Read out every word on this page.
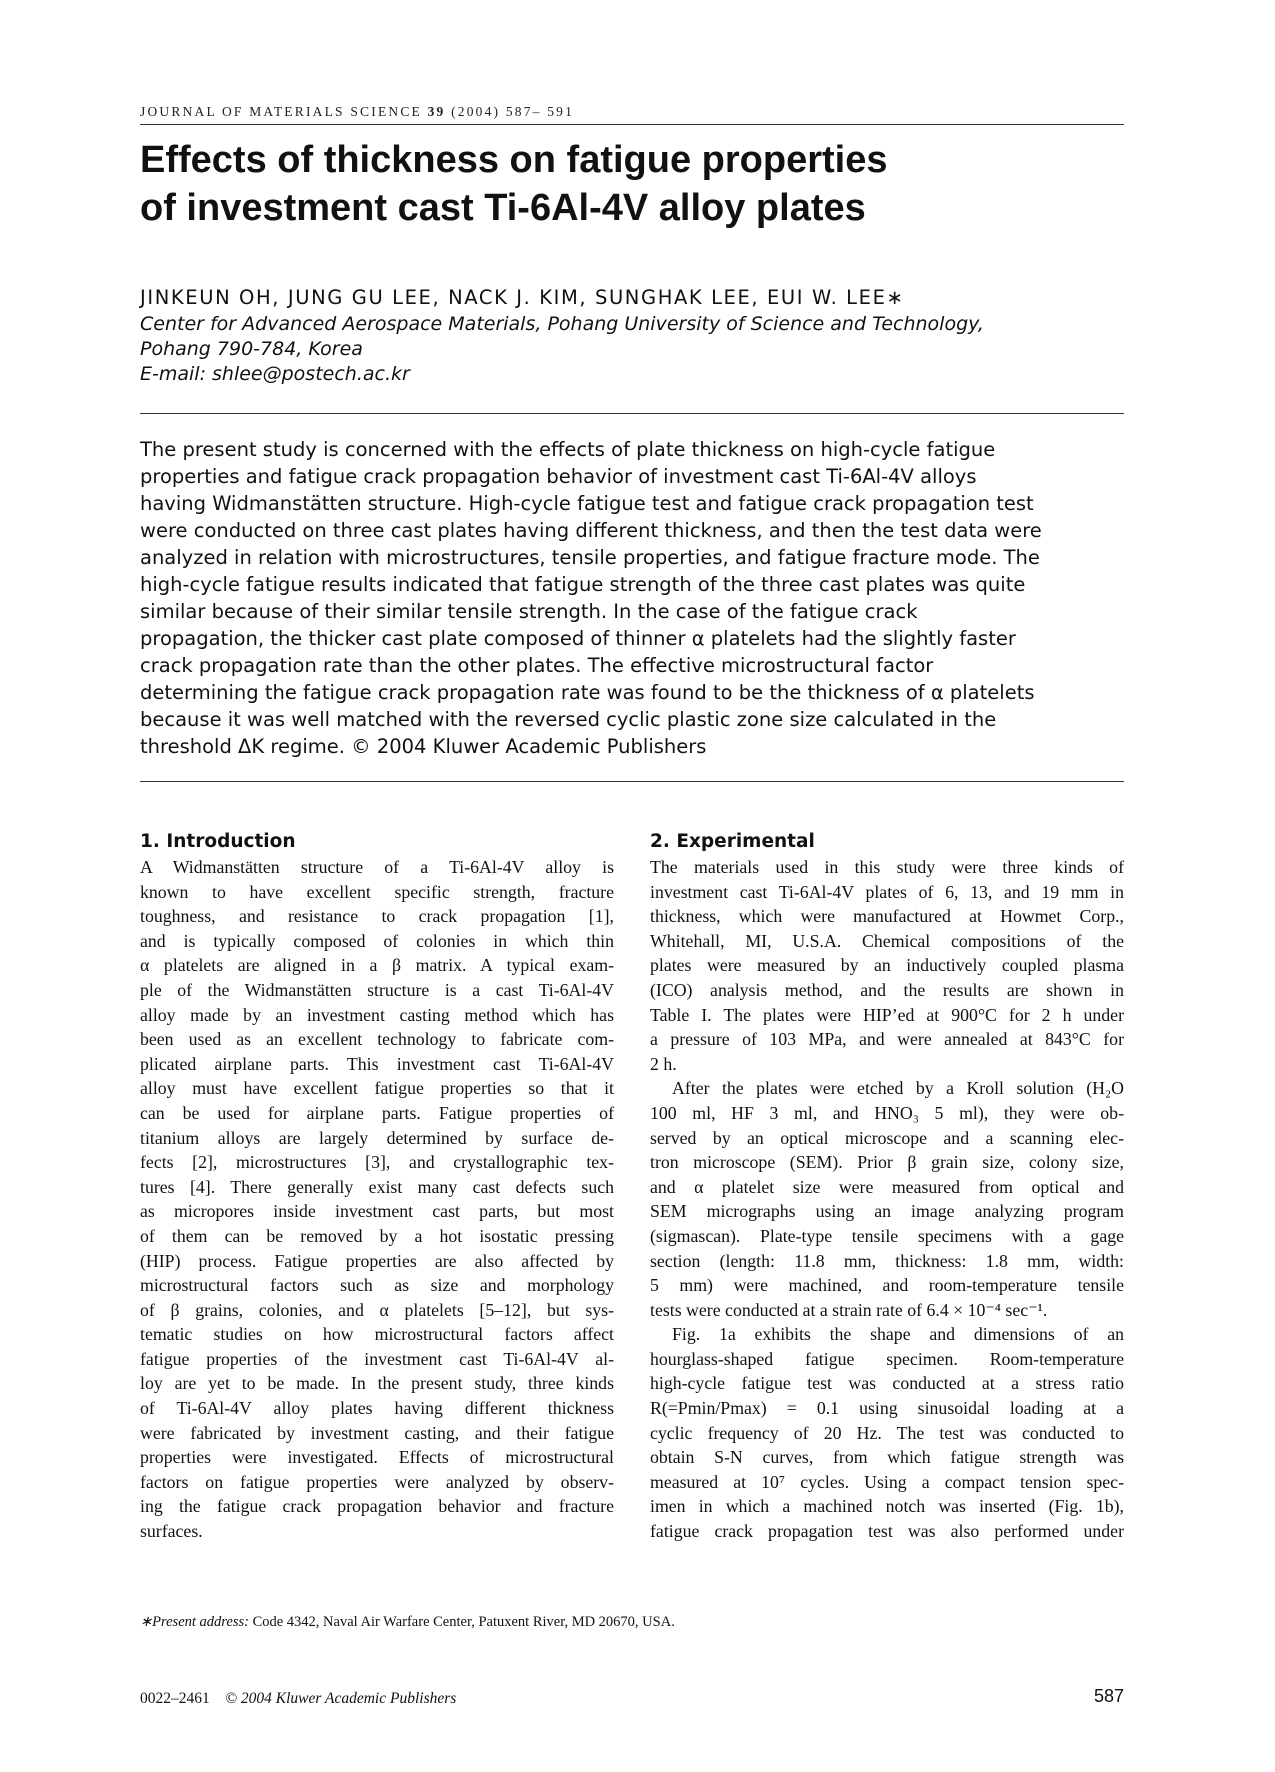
JOURNAL OF MATERIALS SCIENCE 39 (2004) 587– 591
Effects of thickness on fatigue properties
of investment cast Ti-6Al-4V alloy plates
JINKEUN OH, JUNG GU LEE, NACK J. KIM, SUNGHAK LEE, EUI W. LEE∗
Center for Advanced Aerospace Materials, Pohang University of Science and Technology,
Pohang 790-784, Korea
E-mail: shlee@postech.ac.kr
The present study is concerned with the effects of plate thickness on high-cycle fatigue
properties and fatigue crack propagation behavior of investment cast Ti-6Al-4V alloys
having Widmanstätten structure. High-cycle fatigue test and fatigue crack propagation test
were conducted on three cast plates having different thickness, and then the test data were
analyzed in relation with microstructures, tensile properties, and fatigue fracture mode. The
high-cycle fatigue results indicated that fatigue strength of the three cast plates was quite
similar because of their similar tensile strength. In the case of the fatigue crack
propagation, the thicker cast plate composed of thinner α platelets had the slightly faster
crack propagation rate than the other plates. The effective microstructural factor
determining the fatigue crack propagation rate was found to be the thickness of α platelets
because it was well matched with the reversed cyclic plastic zone size calculated in the
threshold ΔK regime. © 2004 Kluwer Academic Publishers
1. Introduction
A Widmanstätten structure of a Ti-6Al-4V alloy is
known to have excellent specific strength, fracture
toughness, and resistance to crack propagation [1],
and is typically composed of colonies in which thin
α platelets are aligned in a β matrix. A typical exam-
ple of the Widmanstätten structure is a cast Ti-6Al-4V
alloy made by an investment casting method which has
been used as an excellent technology to fabricate com-
plicated airplane parts. This investment cast Ti-6Al-4V
alloy must have excellent fatigue properties so that it
can be used for airplane parts. Fatigue properties of
titanium alloys are largely determined by surface de-
fects [2], microstructures [3], and crystallographic tex-
tures [4]. There generally exist many cast defects such
as micropores inside investment cast parts, but most
of them can be removed by a hot isostatic pressing
(HIP) process. Fatigue properties are also affected by
microstructural factors such as size and morphology
of β grains, colonies, and α platelets [5–12], but sys-
tematic studies on how microstructural factors affect
fatigue properties of the investment cast Ti-6Al-4V al-
loy are yet to be made. In the present study, three kinds
of Ti-6Al-4V alloy plates having different thickness
were fabricated by investment casting, and their fatigue
properties were investigated. Effects of microstructural
factors on fatigue properties were analyzed by observ-
ing the fatigue crack propagation behavior and fracture
surfaces.
2. Experimental
The materials used in this study were three kinds of
investment cast Ti-6Al-4V plates of 6, 13, and 19 mm in
thickness, which were manufactured at Howmet Corp.,
Whitehall, MI, U.S.A. Chemical compositions of the
plates were measured by an inductively coupled plasma
(ICO) analysis method, and the results are shown in
Table I. The plates were HIP’ed at 900°C for 2 h under
a pressure of 103 MPa, and were annealed at 843°C for
2 h.
After the plates were etched by a Kroll solution (H₂O
100 ml, HF 3 ml, and HNO₃ 5 ml), they were ob-
served by an optical microscope and a scanning elec-
tron microscope (SEM). Prior β grain size, colony size,
and α platelet size were measured from optical and
SEM micrographs using an image analyzing program
(sigmascan). Plate-type tensile specimens with a gage
section (length: 11.8 mm, thickness: 1.8 mm, width:
5 mm) were machined, and room-temperature tensile
tests were conducted at a strain rate of 6.4 × 10⁻⁴ sec⁻¹.
Fig. 1a exhibits the shape and dimensions of an
hourglass-shaped fatigue specimen. Room-temperature
high-cycle fatigue test was conducted at a stress ratio
R(=Pmin/Pmax) = 0.1 using sinusoidal loading at a
cyclic frequency of 20 Hz. The test was conducted to
obtain S-N curves, from which fatigue strength was
measured at 10⁷ cycles. Using a compact tension spec-
imen in which a machined notch was inserted (Fig. 1b),
fatigue crack propagation test was also performed under
∗Present address: Code 4342, Naval Air Warfare Center, Patuxent River, MD 20670, USA.
0022–2461 © 2004 Kluwer Academic Publishers	587
